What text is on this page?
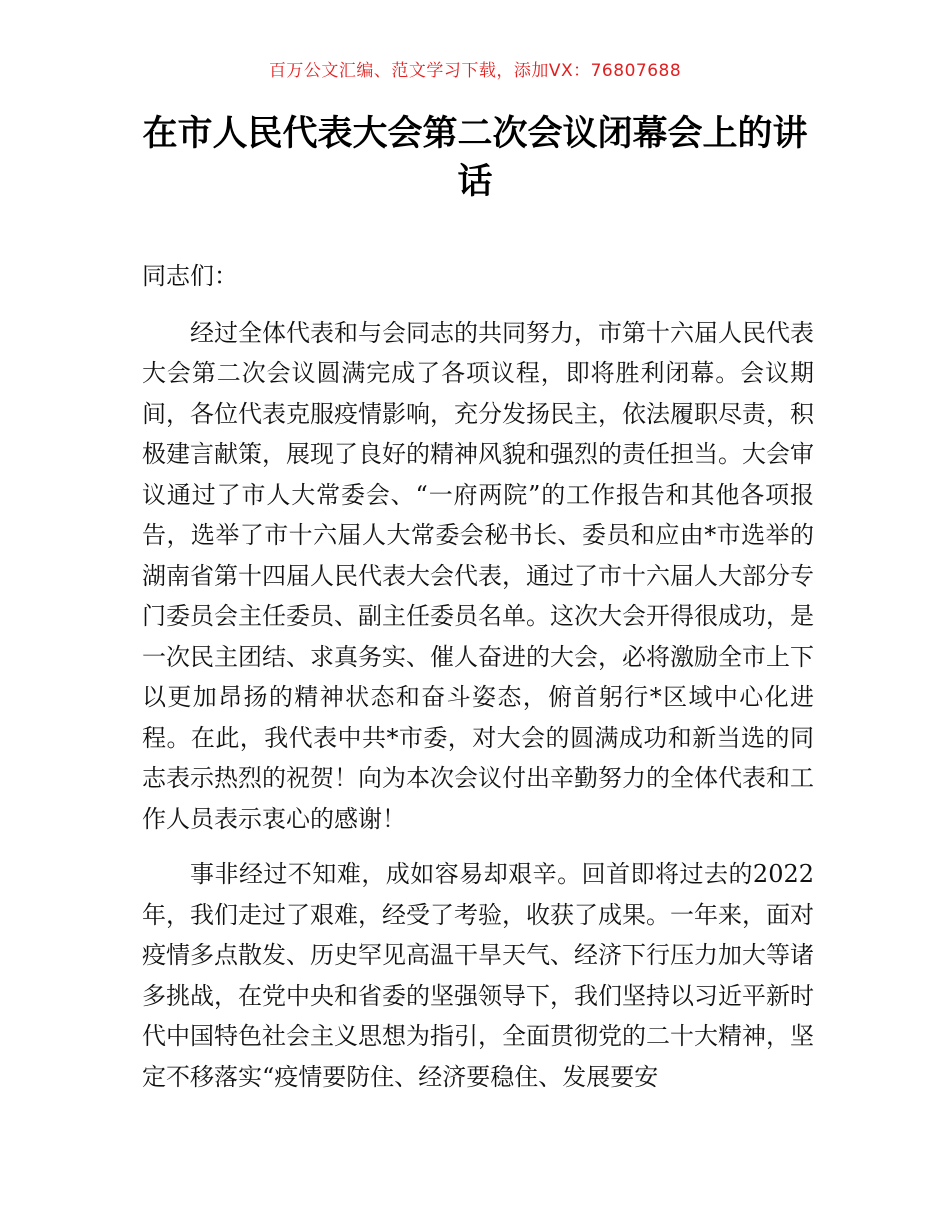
百万公文汇编、范文学习下载，添加VX：76807688
在市人民代表大会第二次会议闭幕会上的讲话

同志们：

经过全体代表和与会同志的共同努力，市第十六届人民代表大会第二次会议圆满完成了各项议程，即将胜利闭幕。会议期间，各位代表克服疫情影响，充分发扬民主，依法履职尽责，积极建言献策，展现了良好的精神风貌和强烈的责任担当。大会审议通过了市人大常委会、“一府两院”的工作报告和其他各项报告，选举了市十六届人大常委会秘书长、委员和应由*市选举的湖南省第十四届人民代表大会代表，通过了市十六届人大部分专门委员会主任委员、副主任委员名单。这次大会开得很成功，是一次民主团结、求真务实、催人奋进的大会，必将激励全市上下以更加昂扬的精神状态和奋斗姿态，俯首躬行*区域中心化进程。在此，我代表中共*市委，对大会的圆满成功和新当选的同志表示热烈的祝贺！向为本次会议付出辛勤努力的全体代表和工作人员表示衷心的感谢！

事非经过不知难，成如容易却艰辛。回首即将过去的2022年，我们走过了艰难，经受了考验，收获了成果。一年来，面对疫情多点散发、历史罕见高温干旱天气、经济下行压力加大等诸多挑战，在党中央和省委的坚强领导下，我们坚持以习近平新时代中国特色社会主义思想为指引，全面贯彻党的二十大精神，坚定不移落实“疫情要防住、经济要稳住、发展要安
